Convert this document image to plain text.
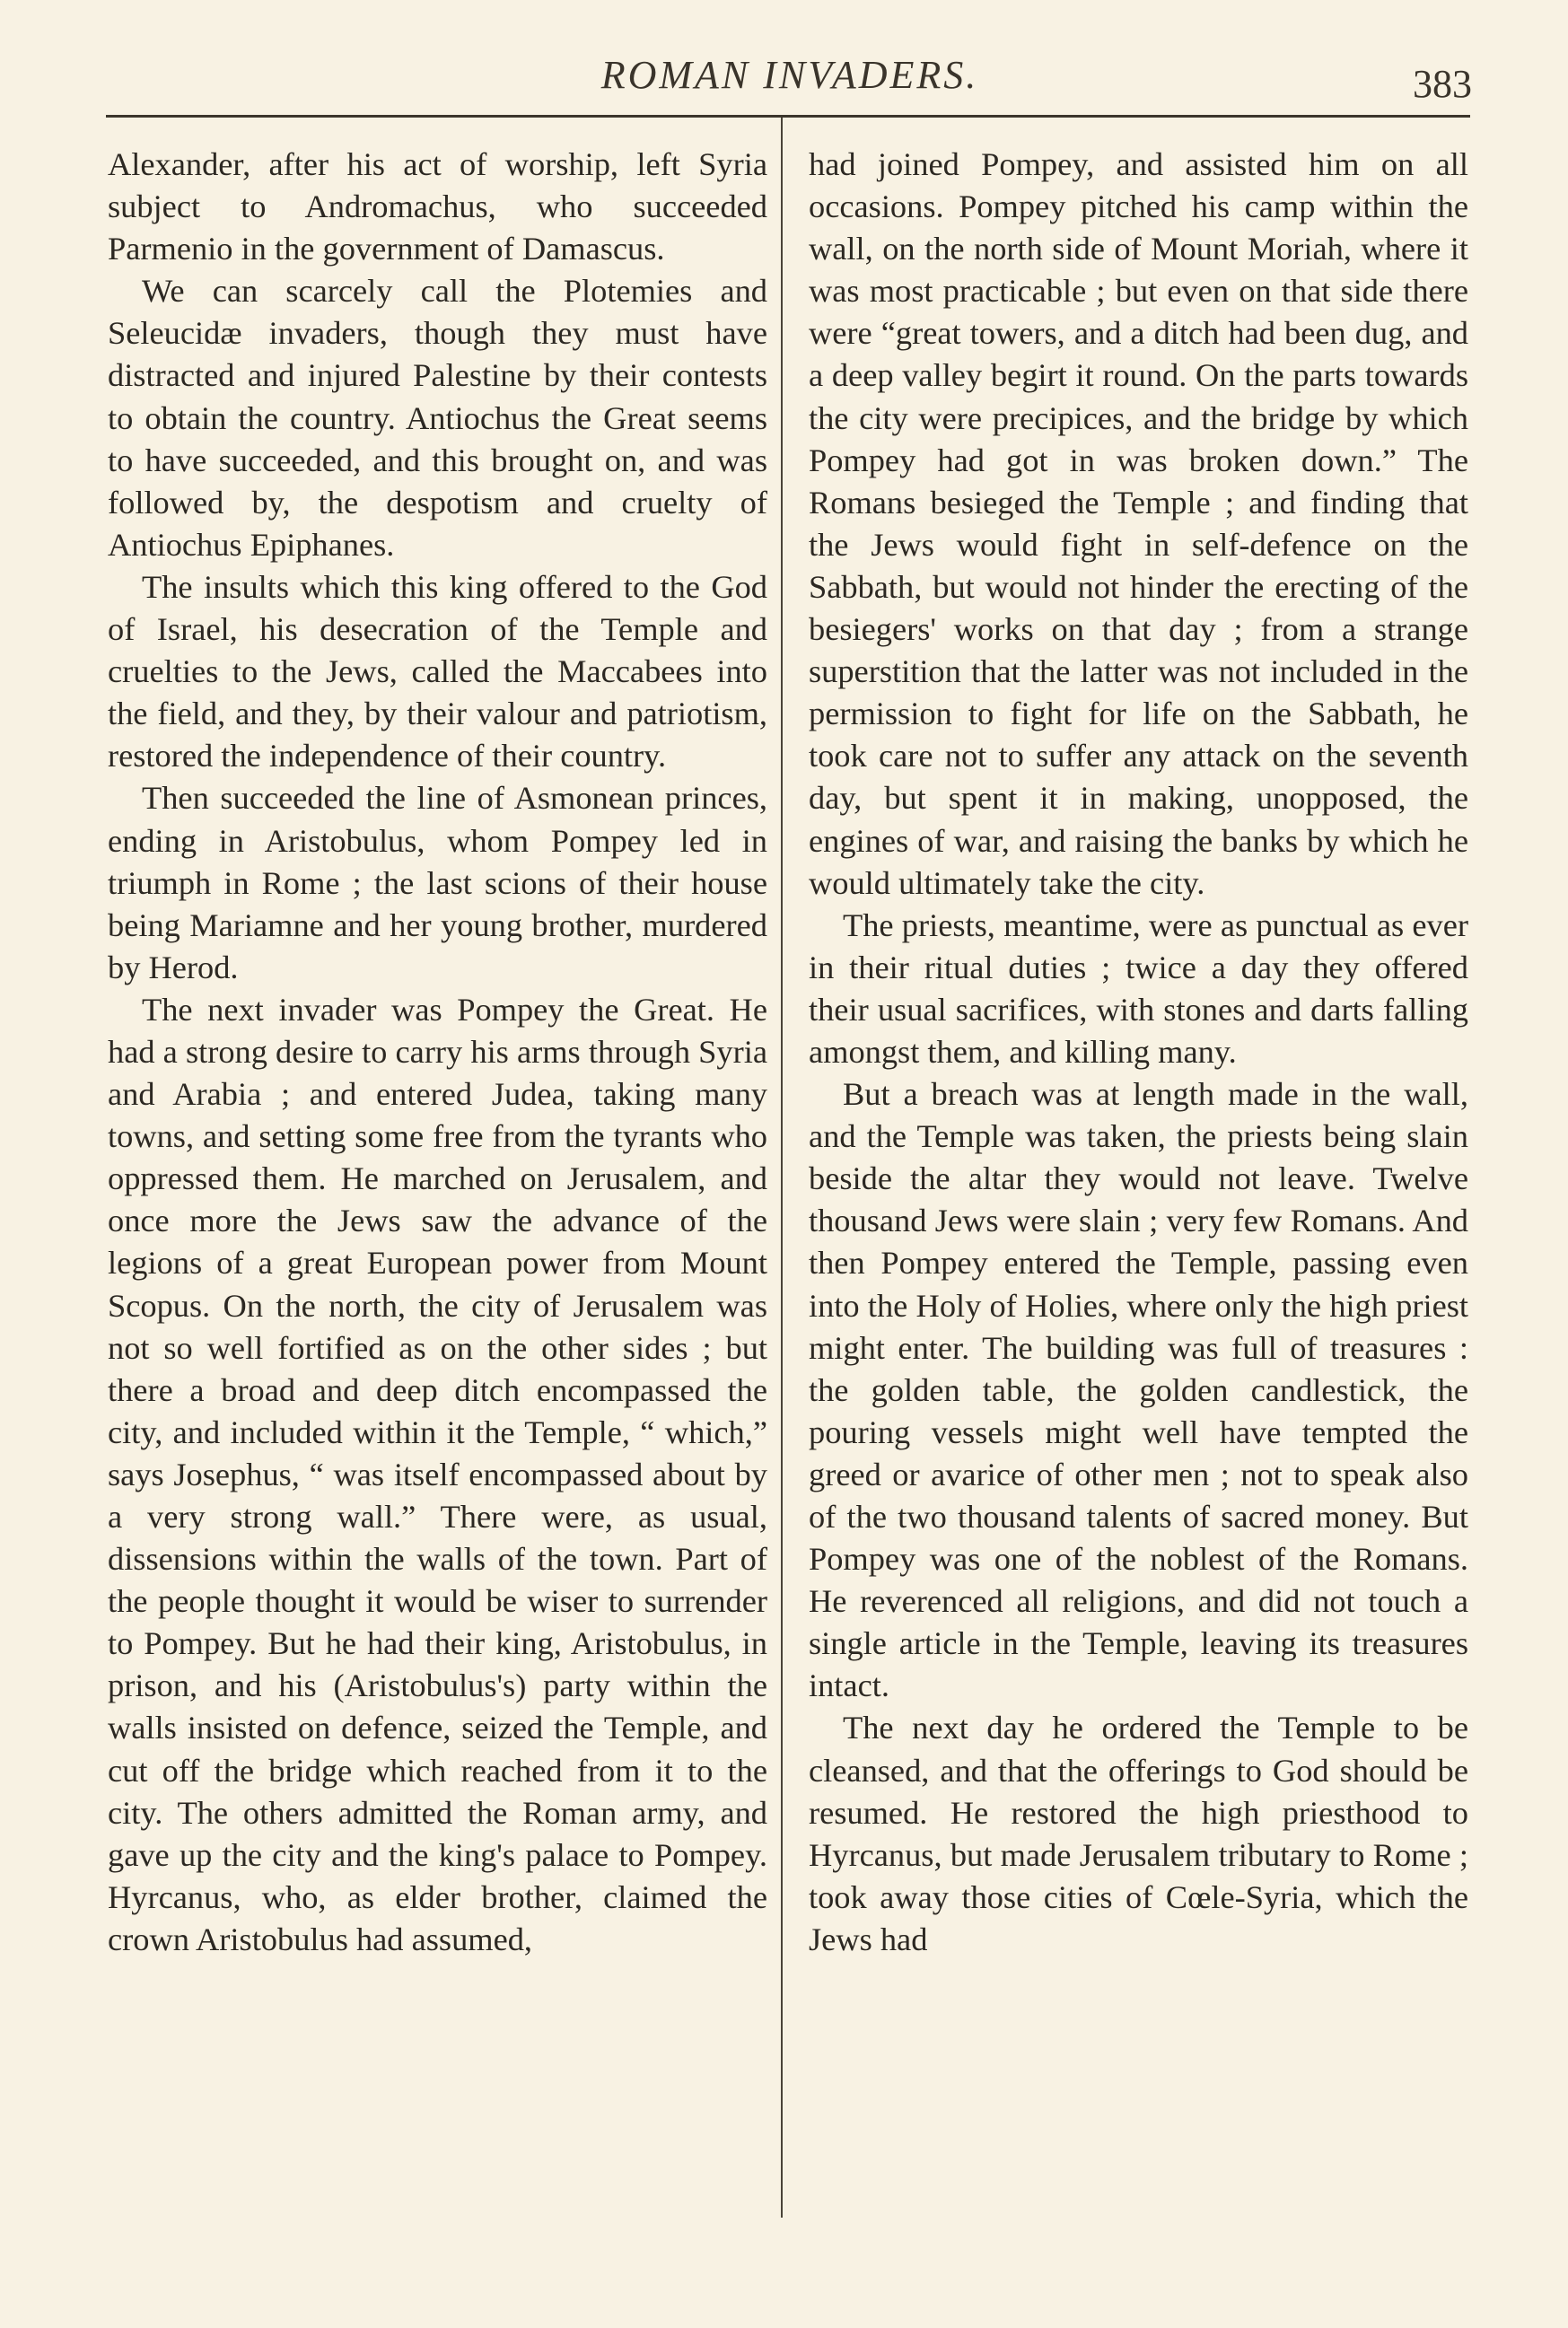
ROMAN INVADERS.	383

Alexander, after his act of worship, left Syria subject to Andromachus, who succeeded Parmenio in the government of Damascus.

We can scarcely call the Plotemies and Seleucidæ invaders, though they must have distracted and injured Palestine by their contests to obtain the country. Antiochus the Great seems to have succeeded, and this brought on, and was followed by, the despotism and cruelty of Antiochus Epiphanes.

The insults which this king offered to the God of Israel, his desecration of the Temple and cruelties to the Jews, called the Maccabees into the field, and they, by their valour and patriotism, restored the independence of their country.

Then succeeded the line of Asmonean princes, ending in Aristobulus, whom Pompey led in triumph in Rome ; the last scions of their house being Mariamne and her young brother, murdered by Herod.

The next invader was Pompey the Great. He had a strong desire to carry his arms through Syria and Arabia ; and entered Judea, taking many towns, and setting some free from the tyrants who oppressed them. He marched on Jerusalem, and once more the Jews saw the advance of the legions of a great European power from Mount Scopus. On the north, the city of Jerusalem was not so well fortified as on the other sides ; but there a broad and deep ditch encompassed the city, and included within it the Temple, “ which,” says Josephus, “ was itself encompassed about by a very strong wall.” There were, as usual, dissensions within the walls of the town. Part of the people thought it would be wiser to surrender to Pompey. But he had their king, Aristobulus, in prison, and his (Aristobulus's) party within the walls insisted on defence, seized the Temple, and cut off the bridge which reached from it to the city. The others admitted the Roman army, and gave up the city and the king's palace to Pompey. Hyrcanus, who, as elder brother, claimed the crown Aristobulus had assumed,

had joined Pompey, and assisted him on all occasions. Pompey pitched his camp within the wall, on the north side of Mount Moriah, where it was most practicable ; but even on that side there were “great towers, and a ditch had been dug, and a deep valley begirt it round. On the parts towards the city were precipices, and the bridge by which Pompey had got in was broken down.” The Romans besieged the Temple ; and finding that the Jews would fight in self-defence on the Sabbath, but would not hinder the erecting of the besiegers' works on that day ; from a strange superstition that the latter was not included in the permission to fight for life on the Sabbath, he took care not to suffer any attack on the seventh day, but spent it in making, unopposed, the engines of war, and raising the banks by which he would ultimately take the city.

The priests, meantime, were as punctual as ever in their ritual duties ; twice a day they offered their usual sacrifices, with stones and darts falling amongst them, and killing many.

But a breach was at length made in the wall, and the Temple was taken, the priests being slain beside the altar they would not leave. Twelve thousand Jews were slain ; very few Romans. And then Pompey entered the Temple, passing even into the Holy of Holies, where only the high priest might enter. The building was full of treasures : the golden table, the golden candlestick, the pouring vessels might well have tempted the greed or avarice of other men ; not to speak also of the two thousand talents of sacred money. But Pompey was one of the noblest of the Romans. He reverenced all religions, and did not touch a single article in the Temple, leaving its treasures intact.

The next day he ordered the Temple to be cleansed, and that the offerings to God should be resumed. He restored the high priesthood to Hyrcanus, but made Jerusalem tributary to Rome ; took away those cities of Cœle-Syria, which the Jews had
